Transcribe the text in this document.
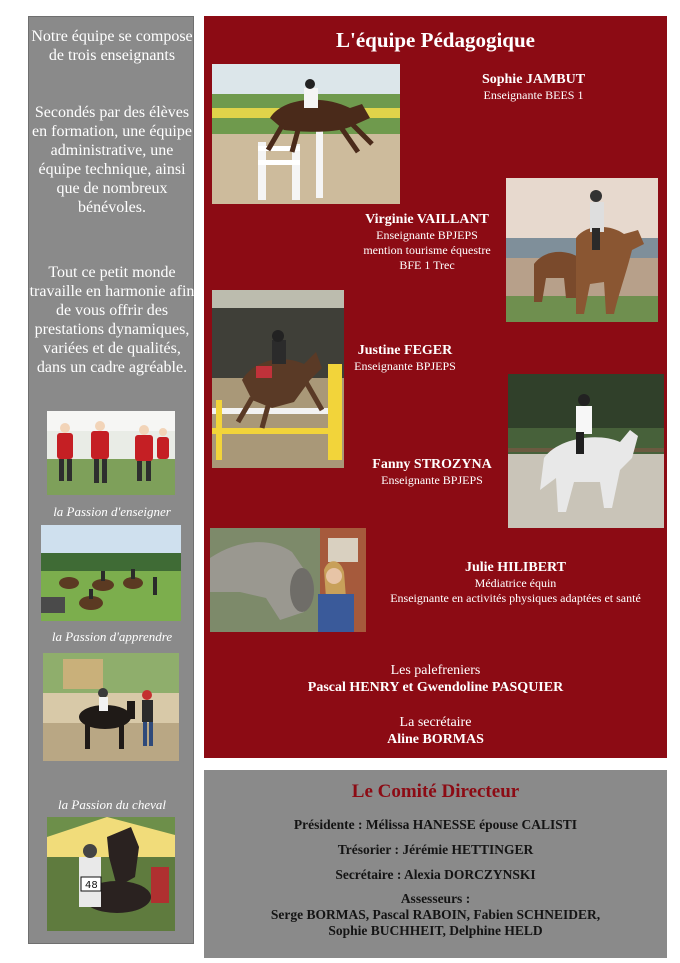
Notre équipe se compose de trois enseignants
Secondés par des élèves en formation, une équipe administrative, une équipe technique, ainsi que de nombreux bénévoles.
Tout ce petit monde travaille en harmonie afin de vous offrir des prestations dynamiques, variées et de qualités, dans un cadre agréable.
la Passion d'enseigner
la Passion d'apprendre
la Passion du cheval
48
L'équipe Pédagogique
Sophie JAMBUT
Enseignante BEES 1
Virginie VAILLANT
Enseignante BPJEPS
mention tourisme équestre
BFE 1 Trec
Justine FEGER
Enseignante BPJEPS
Fanny STROZYNA
Enseignante BPJEPS
Julie HILIBERT
Médiatrice équin
Enseignante en activités physiques adaptées et santé
Les palefreniers
Pascal HENRY et Gwendoline PASQUIER
La secrétaire
Aline BORMAS
Le Comité Directeur
Présidente : Mélissa HANESSE épouse CALISTI
Trésorier : Jérémie HETTINGER
Secrétaire : Alexia DORCZYNSKI
Assesseurs :
Serge BORMAS, Pascal RABOIN, Fabien SCHNEIDER,
Sophie BUCHHEIT, Delphine HELD
